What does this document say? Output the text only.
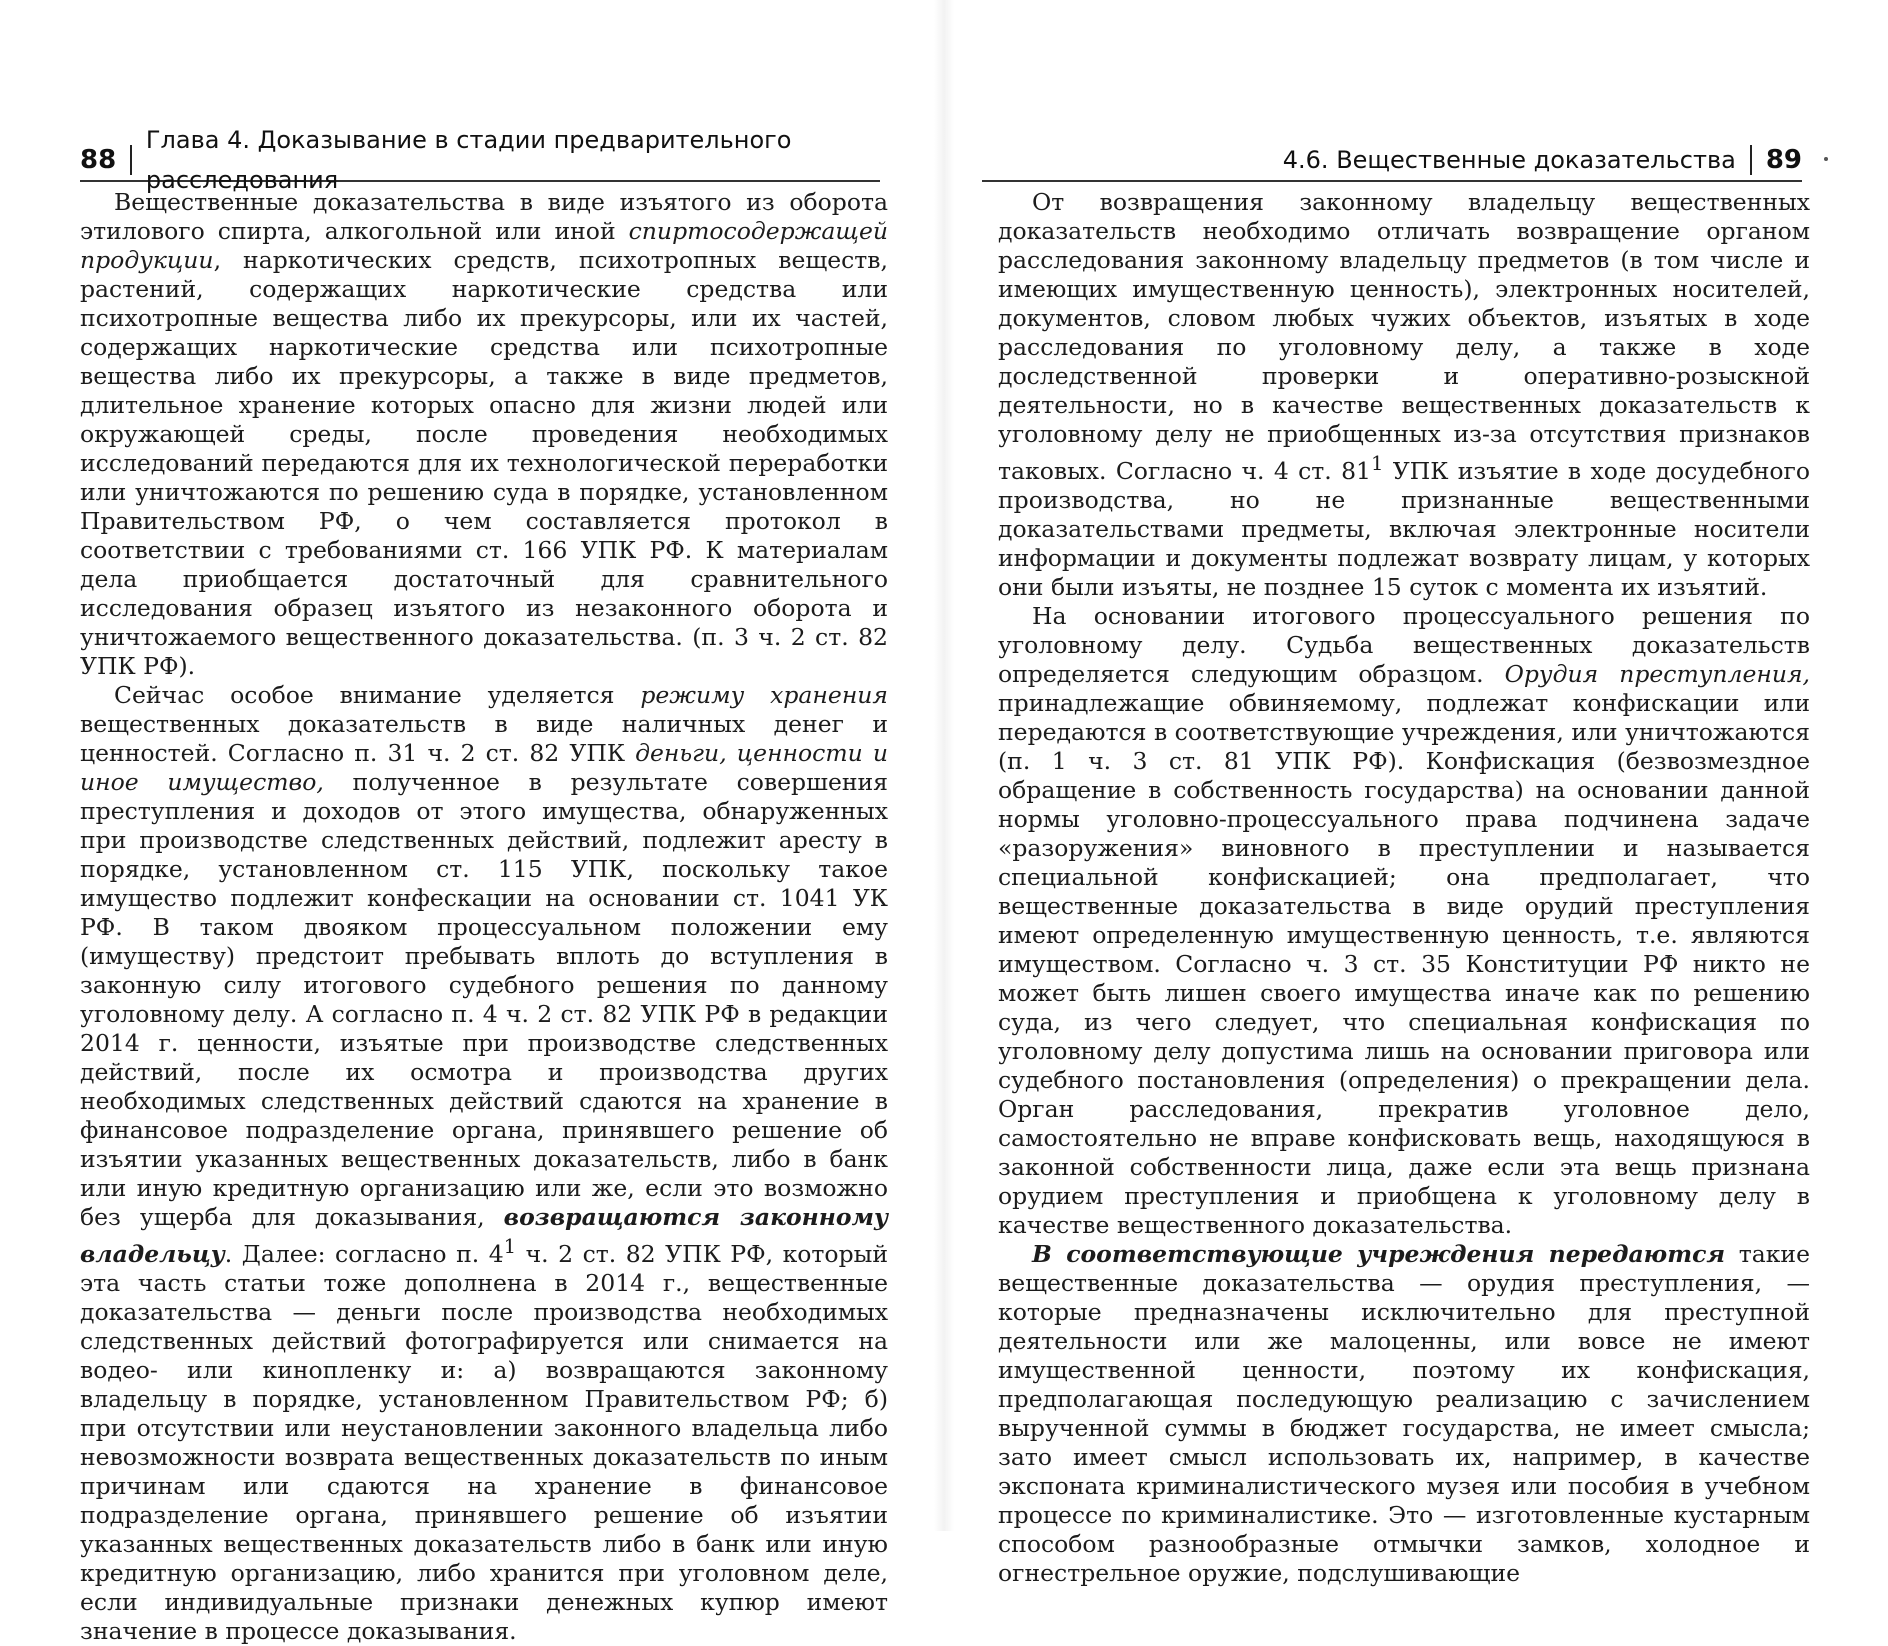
88
Глава 4. Доказывание в стадии предварительного расследования

Вещественные доказательства в виде изъятого из оборота этилового спирта, алкогольной или иной спиртосодержащей продукции, наркотических средств, психотропных веществ, растений, содержащих наркотические средства или психотропные вещества либо их прекурсоры, или их частей, содержащих наркотические средства или психотропные вещества либо их прекурсоры, а также в виде предметов, длительное хранение которых опасно для жизни людей или окружающей среды, после проведения необходимых исследований передаются для их технологической переработки или уничтожаются по решению суда в порядке, установленном Правительством РФ, о чем составляется протокол в соответствии с требованиями ст. 166 УПК РФ. К материалам дела приобщается достаточный для сравнительного исследования образец изъятого из незаконного оборота и уничтожаемого вещественного доказательства. (п. 3 ч. 2 ст. 82 УПК РФ).

Сейчас особое внимание уделяется режиму хранения вещественных доказательств в виде наличных денег и ценностей. Согласно п. 31 ч. 2 ст. 82 УПК деньги, ценности и иное имущество, полученное в результате совершения преступления и доходов от этого имущества, обнаруженных при производстве следственных действий, подлежит аресту в порядке, установленном ст. 115 УПК, поскольку такое имущество подлежит конфескации на основании ст. 1041 УК РФ. В таком двояком процессуальном положении ему (имуществу) предстоит пребывать вплоть до вступления в законную силу итогового судебного решения по данному уголовному делу. А согласно п. 4 ч. 2 ст. 82 УПК РФ в редакции 2014 г. ценности, изъятые при производстве следственных действий, после их осмотра и производства других необходимых следственных действий сдаются на хранение в финансовое подразделение органа, принявшего решение об изъятии указанных вещественных доказательств, либо в банк или иную кредитную организацию или же, если это возможно без ущерба для доказывания, возвращаются законному владельцу. Далее: согласно п. $4^1$ ч. 2 ст. 82 УПК РФ, который эта часть статьи тоже дополнена в 2014 г., вещественные доказательства — деньги после производства необходимых следственных действий фотографируется или снимается на водео- или кинопленку и: а) возвращаются законному владельцу в порядке, установленном Правительством РФ; б) при отсутствии или неустановлении законного владельца либо невозможности возврата вещественных доказательств по иным причинам или сдаются на хранение в финансовое подразделение органа, принявшего решение об изъятии указанных вещественных доказательств либо в банк или иную кредитную организацию, либо хранится при уголовном деле, если индивидуальные признаки денежных купюр имеют значение в процессе доказывания.

4.6. Вещественные доказательства 89

От возвращения законному владельцу вещественных доказательств необходимо отличать возвращение органом расследования законному владельцу предметов (в том числе и имеющих имущественную ценность), электронных носителей, документов, словом любых чужих объектов, изъятых в ходе расследования по уголовному делу, а также в ходе доследственной проверки и оперативно-розыскной деятельности, но в качестве вещественных доказательств к уголовному делу не приобщенных из-за отсутствия признаков таковых. Согласно ч. 4 ст. $81^1$ УПК изъятие в ходе досудебного производства, но не признанные вещественными доказательствами предметы, включая электронные носители информации и документы подлежат возврату лицам, у которых они были изъяты, не позднее 15 суток с момента их изъятий.

На основании итогового процессуального решения по уголовному делу. Судьба вещественных доказательств определяется следующим образцом. Орудия преступления, принадлежащие обвиняемому, подлежат конфискации или передаются в соответствующие учреждения, или уничтожаются (п. 1 ч. 3 ст. 81 УПК РФ). Конфискация (безвозмездное обращение в собственность государства) на основании данной нормы уголовно-процессуального права подчинена задаче «разоружения» виновного в преступлении и называется специальной конфискацией; она предполагает, что вещественные доказательства в виде орудий преступления имеют определенную имущественную ценность, т.е. являются имуществом. Согласно ч. 3 ст. 35 Конституции РФ никто не может быть лишен своего имущества иначе как по решению суда, из чего следует, что специальная конфискация по уголовному делу допустима лишь на основании приговора или судебного постановления (определения) о прекращении дела. Орган расследования, прекратив уголовное дело, самостоятельно не вправе конфисковать вещь, находящуюся в законной собственности лица, даже если эта вещь признана орудием преступления и приобщена к уголовному делу в качестве вещественного доказательства.

В соответствующие учреждения передаются такие вещественные доказательства — орудия преступления, — которые предназначены исключительно для преступной деятельности или же малоценны, или вовсе не имеют имущественной ценности, поэтому их конфискация, предполагающая последующую реализацию с зачислением вырученной суммы в бюджет государства, не имеет смысла; зато имеет смысл использовать их, например, в качестве экспоната криминалистического музея или пособия в учебном процессе по криминалистике. Это — изготовленные кустарным способом разнообразные отмычки замков, холодное и огнестрельное оружие, подслушивающие
